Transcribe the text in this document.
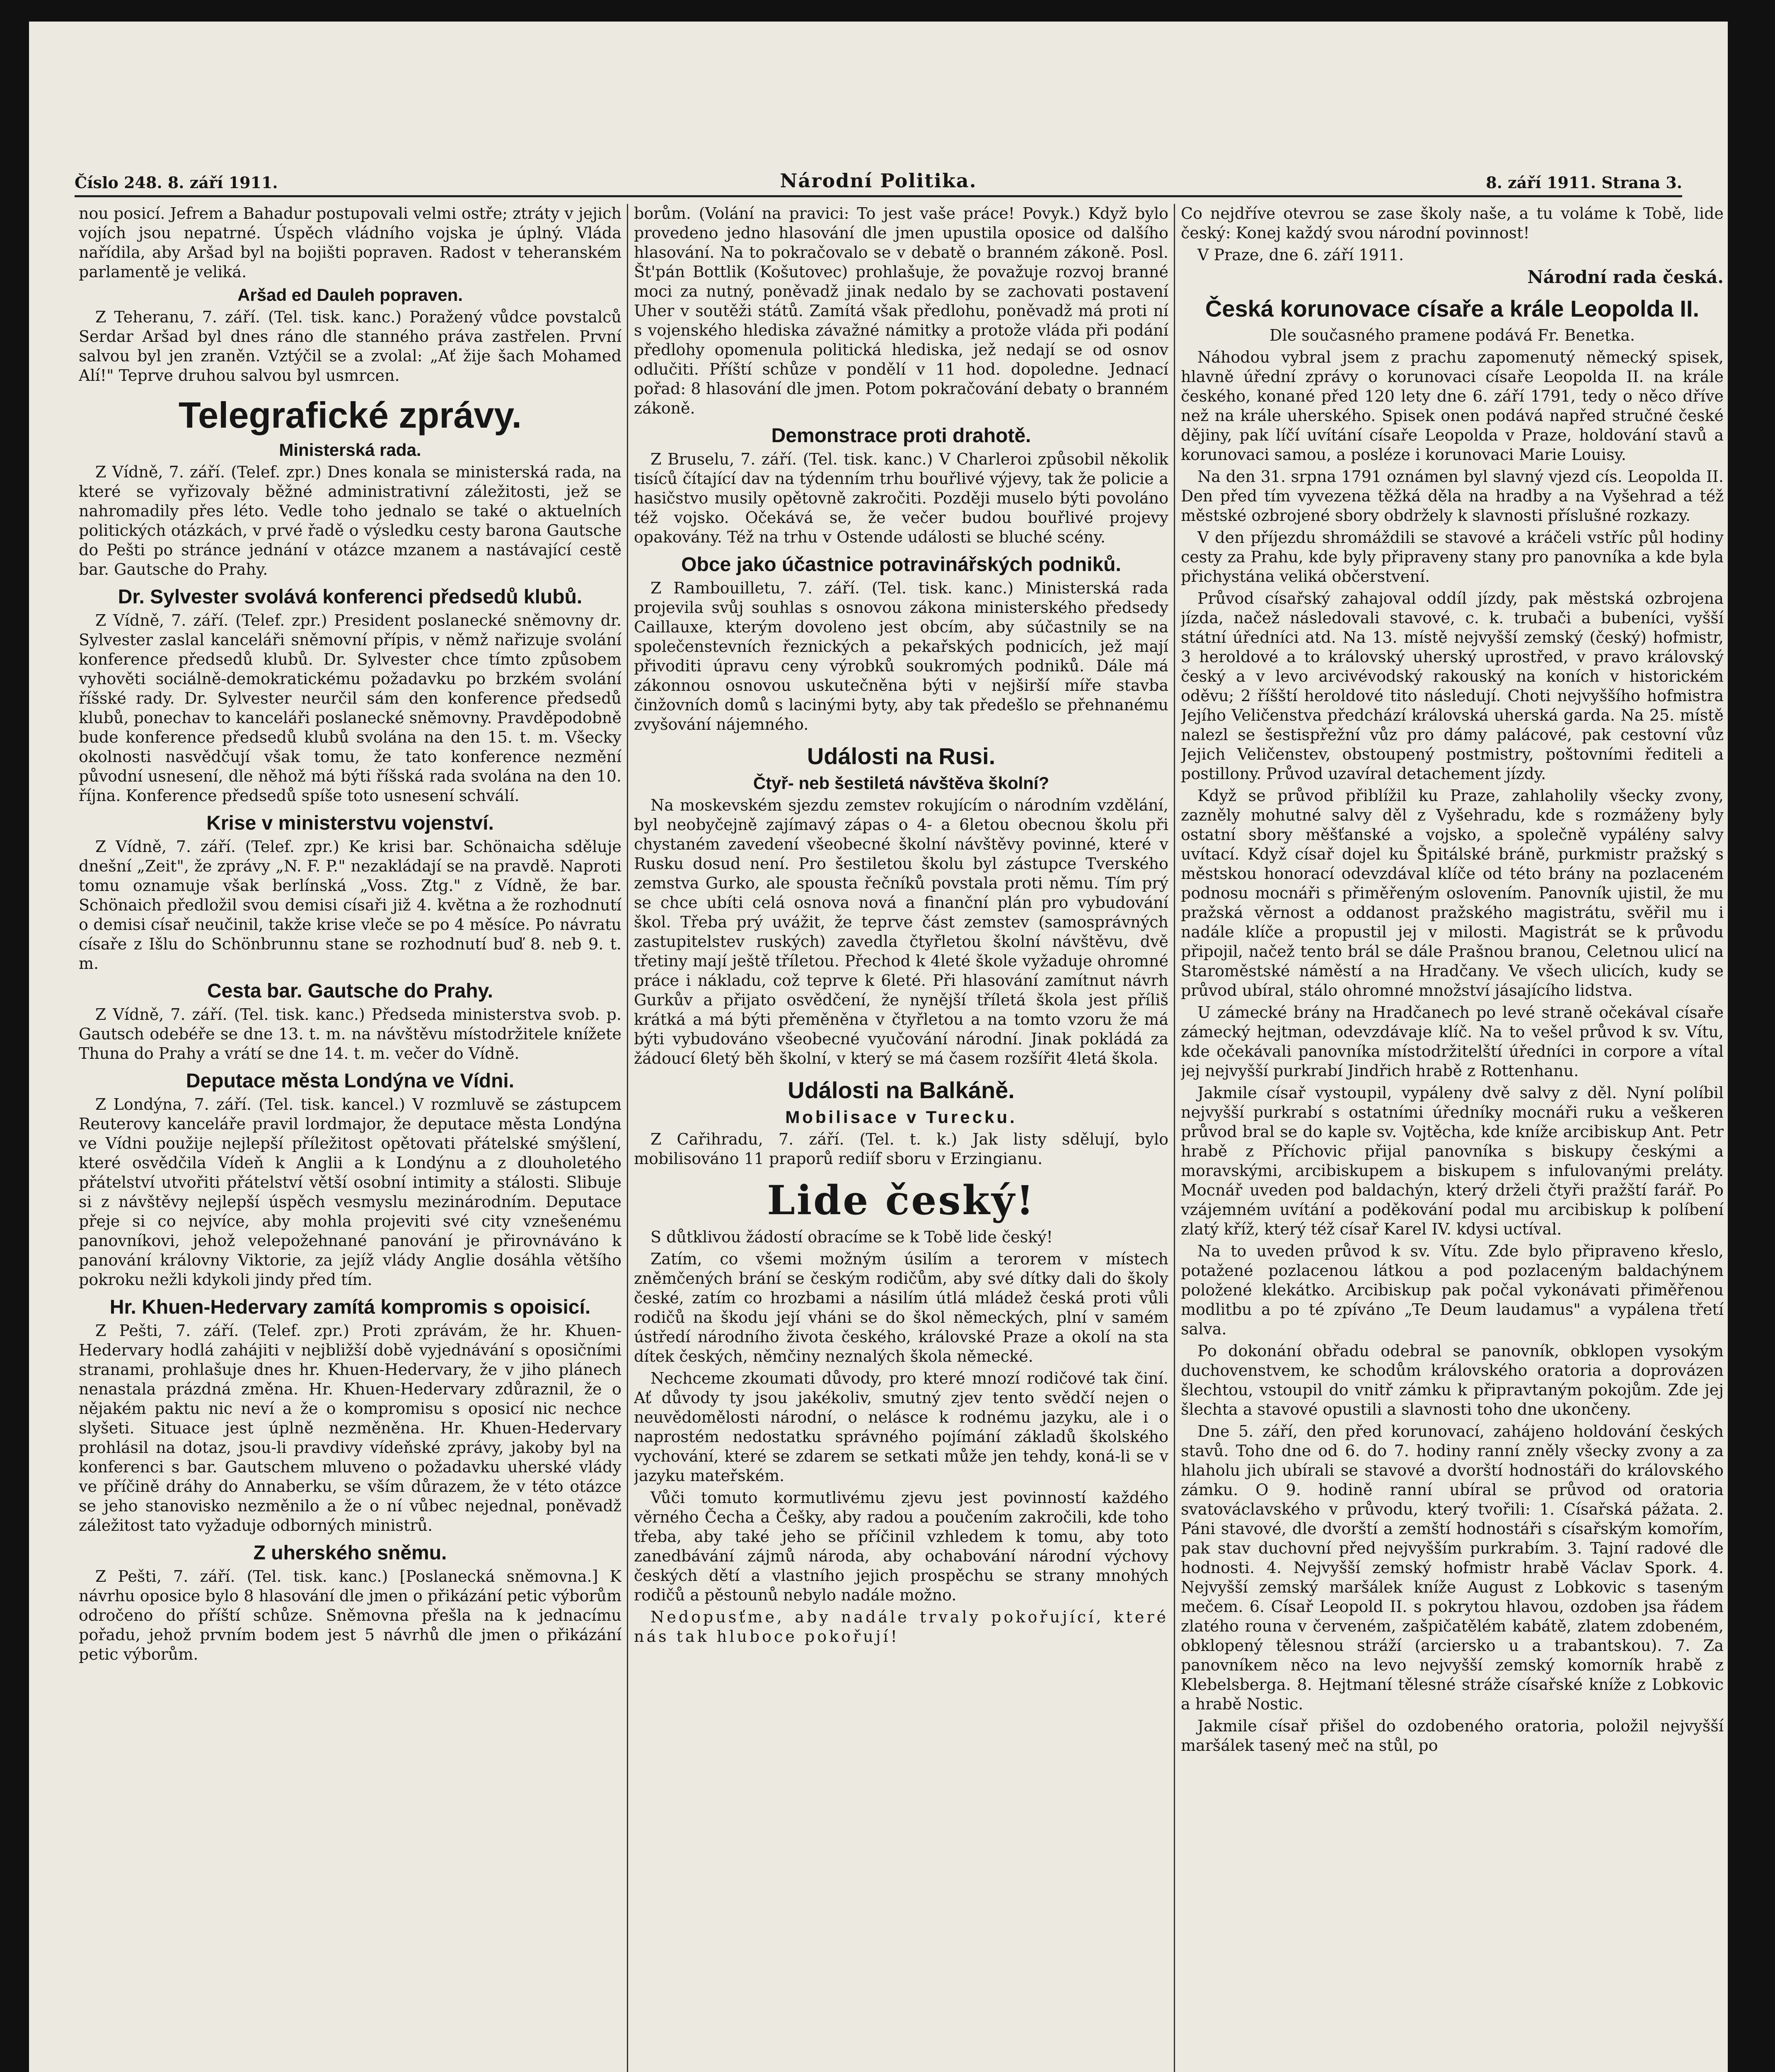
Číslo 248. 8. září 1911.	Národní Politika.	8. září 1911. Strana 3.

nou posicí. Jefrem a Bahadur postupovali velmi ostře; ztráty v jejich vojích jsou nepatrné. Úspěch vládního vojska je úplný. Vláda nařídila, aby Aršad byl na bojišti popraven. Radost v teheranském parlamentě je veliká.

Aršad ed Dauleh popraven.

Z Teheranu, 7. září. (Tel. tisk. kanc.) Poražený vůdce povstalců Serdar Aršad byl dnes ráno dle stanného práva zastřelen. První salvou byl jen zraněn. Vztýčil se a zvolal: „Ať žije šach Mohamed Alí!" Teprve druhou salvou byl usmrcen.

Telegrafické zprávy.
Ministerská rada.

Z Vídně, 7. září. (Telef. zpr.) Dnes konala se ministerská rada, na které se vyřizovaly běžné administrativní záležitosti, jež se nahromadily přes léto. Vedle toho jednalo se také o aktuelních politických otázkách, v prvé řadě o výsledku cesty barona Gautsche do Pešti po stránce jednání v otázce mzanem a nastávající cestě bar. Gautsche do Prahy.

Dr. Sylvester svolává konferenci předsedů klubů.

Z Vídně, 7. září. (Telef. zpr.) President poslanecké sněmovny dr. Sylvester zaslal kanceláři sněmovní přípis, v němž nařizuje svolání konference předsedů klubů. Dr. Sylvester chce tímto způsobem vyhověti sociálně-demokratickému požadavku po brzkém svolání říšské rady. Dr. Sylvester neurčil sám den konference předsedů klubů, ponechav to kanceláři poslanecké sněmovny. Pravděpodobně bude konference předsedů klubů svolána na den 15. t. m. Všecky okolnosti nasvědčují však tomu, že tato konference nezmění původní usnesení, dle něhož má býti říšská rada svolána na den 10. října. Konference předsedů spíše toto usnesení schválí.

Krise v ministerstvu vojenství.

Z Vídně, 7. září. (Telef. zpr.) Ke krisi bar. Schönaicha sděluje dnešní „Zeit", že zprávy „N. F. P." nezakládají se na pravdě. Naproti tomu oznamuje však berlínská „Voss. Ztg." z Vídně, že bar. Schönaich předložil svou demisi císaři již 4. května a že rozhodnutí o demisi císař neučinil, takže krise vleče se po 4 měsíce. Po návratu císaře z Išlu do Schönbrunnu stane se rozhodnutí buď 8. neb 9. t. m.

Cesta bar. Gautsche do Prahy.

Z Vídně, 7. září. (Tel. tisk. kanc.) Předseda ministerstva svob. p. Gautsch odebéře se dne 13. t. m. na návštěvu místodržitele knížete Thuna do Prahy a vrátí se dne 14. t. m. večer do Vídně.

Deputace města Londýna ve Vídni.

Z Londýna, 7. září. (Tel. tisk. kancel.) V rozmluvě se zástupcem Reuterovy kanceláře pravil lordmajor, že deputace města Londýna ve Vídni použije nejlepší příležitost opětovati přátelské smýšlení, které osvědčila Vídeň k Anglii a k Londýnu a z dlouholetého přátelství utvořiti přátelství větší osobní intimity a stálosti. Slibuje si z návštěvy nejlepší úspěch vesmyslu mezinárodním. Deputace přeje si co nejvíce, aby mohla projeviti své city vznešenému panovníkovi, jehož velepožehnané panování je přirovnáváno k panování královny Viktorie, za jejíž vlády Anglie dosáhla většího pokroku nežli kdykoli jindy před tím.

Hr. Khuen-Hedervary zamítá kompromis s opoisicí.

Z Pešti, 7. září. (Telef. zpr.) Proti zprávám, že hr. Khuen-Hedervary hodlá zahájiti v nejbližší době vyjednávání s oposičními stranami, prohlašuje dnes hr. Khuen-Hedervary, že v jiho plánech nenastala prázdná změna. Hr. Khuen-Hedervary zdůraznil, že o nějakém paktu nic neví a že o kompromisu s oposicí nic nechce slyšeti. Situace jest úplně nezměněna. Hr. Khuen-Hedervary prohlásil na dotaz, jsou-li pravdivy vídeňské zprávy, jakoby byl na konferenci s bar. Gautschem mluveno o požadavku uherské vlády ve příčině dráhy do Annaberku, se vším důrazem, že v této otázce se jeho stanovisko nezměnilo a že o ní vůbec nejednal, poněvadž záležitost tato vyžaduje odborných ministrů.

Z uherského sněmu.

Z Pešti, 7. září. (Tel. tisk. kanc.) [Poslanecká sněmovna.] K návrhu oposice bylo 8 hlasování dle jmen o přikázání petic výborům odročeno do příští schůze. Sněmovna přešla na k jednacímu pořadu, jehož prvním bodem jest 5 návrhů dle jmen o přikázání petic výborům.

borům. (Volání na pravici: To jest vaše práce! Povyk.) Když bylo provedeno jedno hlasování dle jmen upustila oposice od dalšího hlasování. Na to pokračovalo se v debatě o branném zákoně. Posl. Št'pán Bottlik (Košutovec) prohlašuje, že považuje rozvoj branné moci za nutný, poněvadž jinak nedalo by se zachovati postavení Uher v soutěži států. Zamítá však předlohu, poněvadž má proti ní s vojenského hlediska závažné námitky a protože vláda při podání předlohy opomenula politická hlediska, jež nedají se od osnov odlučiti. Příští schůze v pondělí v 11 hod. dopoledne. Jednací pořad: 8 hlasování dle jmen. Potom pokračování debaty o branném zákoně.

Demonstrace proti drahotě.

Z Bruselu, 7. září. (Tel. tisk. kanc.) V Charleroi způsobil několik tisíců čítající dav na týdenním trhu bouřlivé výjevy, tak že policie a hasičstvo musily opětovně zakročiti. Později muselo býti povoláno též vojsko. Očekává se, že večer budou bouřlivé projevy opakovány. Též na trhu v Ostende události se bluché scény.

Obce jako účastnice potravinářských podniků.

Z Rambouilletu, 7. září. (Tel. tisk. kanc.) Ministerská rada projevila svůj souhlas s osnovou zákona ministerského předsedy Caillauxe, kterým dovoleno jest obcím, aby súčastnily se na společenstevních řeznických a pekařských podnicích, jež mají přivoditi úpravu ceny výrobků soukromých podniků. Dále má zákonnou osnovou uskutečněna býti v nejširší míře stavba činžovních domů s lacinými byty, aby tak předešlo se přehnanému zvyšování nájemného.

Události na Rusi.
Čtyř- neb šestiletá návštěva školní?

Na moskevském sjezdu zemstev rokujícím o národním vzdělání, byl neobyčejně zajímavý zápas o 4- a 6letou obecnou školu při chystaném zavedení všeobecné školní návštěvy povinné, které v Rusku dosud není. Pro šestiletou školu byl zástupce Tverského zemstva Gurko, ale spousta řečníků povstala proti němu. Tím prý se chce ubíti celá osnova nová a finanční plán pro vybudování škol. Třeba prý uvážit, že teprve část zemstev (samosprávných zastupitelstev ruských) zavedla čtyřletou školní návštěvu, dvě třetiny mají ještě tříletou. Přechod k 4leté škole vyžaduje ohromné práce i nákladu, což teprve k 6leté. Při hlasování zamítnut návrh Gurkův a přijato osvědčení, že nynější tříletá škola jest příliš krátká a má býti přeměněna v čtyřletou a na tomto vzoru že má býti vybudováno všeobecné vyučování národní. Jinak pokládá za žádoucí 6letý běh školní, v který se má časem rozšířit 4letá škola.

Události na Balkáně.
Mobilisace v Turecku.

Z Cařihradu, 7. září. (Tel. t. k.) Jak listy sdělují, bylo mobilisováno 11 praporů rediíf sboru v Erzingianu.

Lide český!

S důtklivou žádostí obracíme se k Tobě lide český!

Zatím, co všemi možným úsilím a terorem v místech zněmčených brání se českým rodičům, aby své dítky dali do školy české, zatím co hrozbami a násilím útlá mládež česká proti vůli rodičů na škodu její vháni se do škol německých, plní v samém ústředí národního života českého, královské Praze a okolí na sta dítek českých, němčiny neznalých škola německé.

Nechceme zkoumati důvody, pro které mnozí rodičové tak činí. Ať důvody ty jsou jakékoliv, smutný zjev tento svědčí nejen o neuvědomělosti národní, o nelásce k rodnému jazyku, ale i o naprostém nedostatku správného pojímání základů školského vychování, které se zdarem se setkati může jen tehdy, koná-li se v jazyku mateřském.

Vůči tomuto kormutlivému zjevu jest povinností každého věrného Čecha a Češky, aby radou a poučením zakročili, kde toho třeba, aby také jeho se příčinil vzhledem k tomu, aby toto zanedbávání zájmů národa, aby ochabování národní výchovy českých dětí a vlastního jejich prospěchu se strany mnohých rodičů a pěstounů nebylo nadále možno.

Nedopusťme, aby nadále trvaly pokořující, které nás tak hluboce pokořují!

Co nejdříve otevrou se zase školy naše, a tu voláme k Tobě, lide český: Konej každý svou národní povinnost!

V Praze, dne 6. září 1911.

Národní rada česká.

Česká korunovace císaře a krále Leopolda II.

Dle současného pramene podává Fr. Benetka.

Náhodou vybral jsem z prachu zapomenutý německý spisek, hlavně úřední zprávy o korunovaci císaře Leopolda II. na krále českého, konané před 120 lety dne 6. září 1791, tedy o něco dříve než na krále uherského. Spisek onen podává napřed stručné české dějiny, pak líčí uvítání císaře Leopolda v Praze, holdování stavů a korunovaci samou, a posléze i korunovaci Marie Louisy.

Na den 31. srpna 1791 oznámen byl slavný vjezd cís. Leopolda II. Den před tím vyvezena těžká děla na hradby a na Vyšehrad a též městské ozbrojené sbory obdržely k slavnosti příslušné rozkazy.

V den příjezdu shromáždili se stavové a kráčeli vstříc půl hodiny cesty za Prahu, kde byly připraveny stany pro panovníka a kde byla přichystána veliká občerstvení.

Průvod císařský zahajoval oddíl jízdy, pak městská ozbrojena jízda, načež následovali stavové, c. k. trubači a bubeníci, vyšší státní úředníci atd. Na 13. místě nejvyšší zemský (český) hofmistr, 3 heroldové a to královský uherský uprostřed, v pravo královský český a v levo arcivévodský rakouský na koních v historickém oděvu; 2 říšští heroldové tito následují. Choti nejvyššího hofmistra Jejího Veličenstva předchází královská uherská garda. Na 25. místě nalezl se šestispřežní vůz pro dámy palácové, pak cestovní vůz Jejich Veličenstev, obstoupený postmistry, poštovními řediteli a postillony. Průvod uzavíral detachement jízdy.

Když se průvod přiblížil ku Praze, zahlaholily všecky zvony, zazněly mohutné salvy děl z Vyšehradu, kde s rozmáženy byly ostatní sbory měšťanské a vojsko, a společně vypálény salvy uvítací. Když císař dojel ku Špitálské bráně, purkmistr pražský s městskou honorací odevzdával klíče od této brány na pozlaceném podnosu mocnáři s přiměřeným oslovením. Panovník ujistil, že mu pražská věrnost a oddanost pražského magistrátu, svěřil mu i nadále klíče a propustil jej v milosti. Magistrát se k průvodu připojil, načež tento brál se dále Prašnou branou, Celetnou ulicí na Staroměstské náměstí a na Hradčany. Ve všech ulicích, kudy se průvod ubíral, stálo ohromné množství jásajícího lidstva.

U zámecké brány na Hradčanech po levé straně očekával císaře zámecký hejtman, odevzdávaje klíč. Na to vešel průvod k sv. Vítu, kde očekávali panovníka místodržitelští úředníci in corpore a vítal jej nejvyšší purkrabí Jindřich hrabě z Rottenhanu.

Jakmile císař vystoupil, vypáleny dvě salvy z děl. Nyní políbil nejvyšší purkrabí s ostatními úředníky mocnáři ruku a veškeren průvod bral se do kaple sv. Vojtěcha, kde kníže arcibiskup Ant. Petr hrabě z Příchovic přijal panovníka s biskupy českými a moravskými, arcibiskupem a biskupem s infulovanými preláty. Mocnář uveden pod baldachýn, který drželi čtyři pražští farář. Po vzájemném uvítání a poděkování podal mu arcibiskup k políbení zlatý kříž, který též císař Karel IV. kdysi uctíval.

Na to uveden průvod k sv. Vítu. Zde bylo připraveno křeslo, potažené pozlacenou látkou a pod pozlaceným baldachýnem položené klekátko. Arcibiskup pak počal vykonávati přiměřenou modlitbu a po té zpíváno „Te Deum laudamus" a vypálena třetí salva.

Po dokonání obřadu odebral se panovník, obklopen vysokým duchovenstvem, ke schodům královského oratoria a doprovázen šlechtou, vstoupil do vnitř zámku k připravtaným pokojům. Zde jej šlechta a stavové opustili a slavnosti toho dne ukončeny.

Dne 5. září, den před korunovací, zahájeno holdování českých stavů. Toho dne od 6. do 7. hodiny ranní zněly všecky zvony a za hlaholu jich ubírali se stavové a dvorští hodnostáři do královského zámku. O 9. hodině ranní ubíral se průvod od oratoria svatováclavského v průvodu, který tvořili: 1. Císařská pážata. 2. Páni stavové, dle dvorští a zemští hodnostáři s císařským komořím, pak stav duchovní před nejvyšším purkrabím. 3. Tajní radové dle hodnosti. 4. Nejvyšší zemský hofmistr hrabě Václav Spork. 4. Nejvyšší zemský maršálek kníže August z Lobkovic s taseným mečem. 6. Císař Leopold II. s pokrytou hlavou, ozdoben jsa řádem zlatého rouna v červeném, zašpičatělém kabátě, zlatem zdobeném, obklopený tělesnou stráží (arciersko u a trabantskou). 7. Za panovníkem něco na levo nejvyšší zemský komorník hrabě z Klebelsberga. 8. Hejtmaní tělesné stráže císařské kníže z Lobkovic a hrabě Nostic.

Jakmile císař přišel do ozdobeného oratoria, položil nejvyšší maršálek tasený meč na stůl, po
